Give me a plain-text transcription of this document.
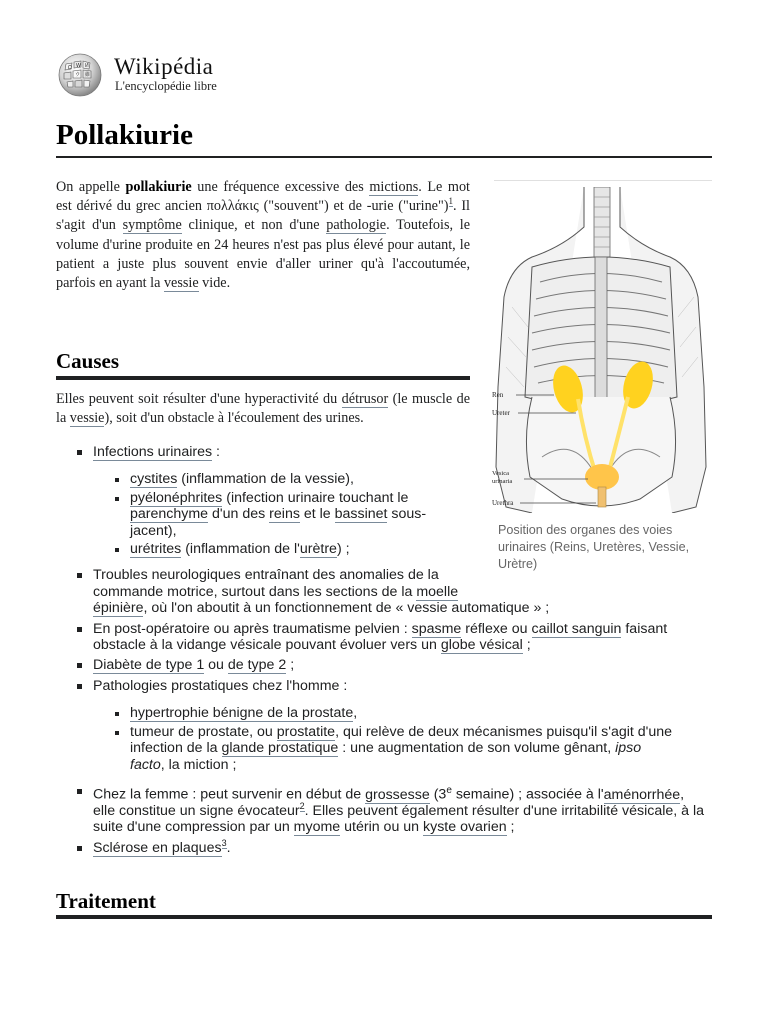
Ω W И
ウ 維 Wikipédia
L'encyclopédie libre
Pollakiurie

On appelle pollakiurie une fréquence excessive des mictions. Le mot est dérivé du grec ancien πολλάκις ("souvent") et de -urie ("urine")$^1$. Il s'agit d'un symptôme clinique, et non d'une pathologie. Toutefois, le volume d'urine produite en 24 heures n'est pas plus élevé pour autant, le patient a juste plus souvent envie d'aller uriner qu'à l'accoutumée, parfois en ayant la vessie vide.

Ren
Ureter
Vesica
urinaria
Urethra
Position des organes des voies urinaires (Reins, Uretères, Vessie, Urètre)
Causes

Elles peuvent soit résulter d'une hyperactivité du détrusor (le muscle de la vessie), soit d'un obstacle à l'écoulement des urines.

Infections urinaires :
cystites (inflammation de la vessie),
pyélonéphrites (infection urinaire touchant le parenchyme d'un des reins et le bassinet sous-jacent),
urétrites (inflammation de l'urètre) ;
Troubles neurologiques entraînant des anomalies de la commande motrice, surtout dans les sections de la moelle épinière, où l'on aboutit à un fonctionnement de « vessie automatique » ;
En post-opératoire ou après traumatisme pelvien : spasme réflexe ou caillot sanguin faisant obstacle à la vidange vésicale pouvant évoluer vers un globe vésical ;
Diabète de type 1 ou de type 2 ;
Pathologies prostatiques chez l'homme :
hypertrophie bénigne de la prostate,
tumeur de prostate, ou prostatite, qui relève de deux mécanismes puisqu'il s'agit d'une infection de la glande prostatique : une augmentation de son volume gênant, ipso facto, la miction ;
Chez la femme : peut survenir en début de grossesse (3e semaine) ; associée à l'aménorrhée, elle constitue un signe évocateur$^2$. Elles peuvent également résulter d'une irritabilité vésicale, à la suite d'une compression par un myome utérin ou un kyste ovarien ;
Sclérose en plaques$^3$.
Traitement
